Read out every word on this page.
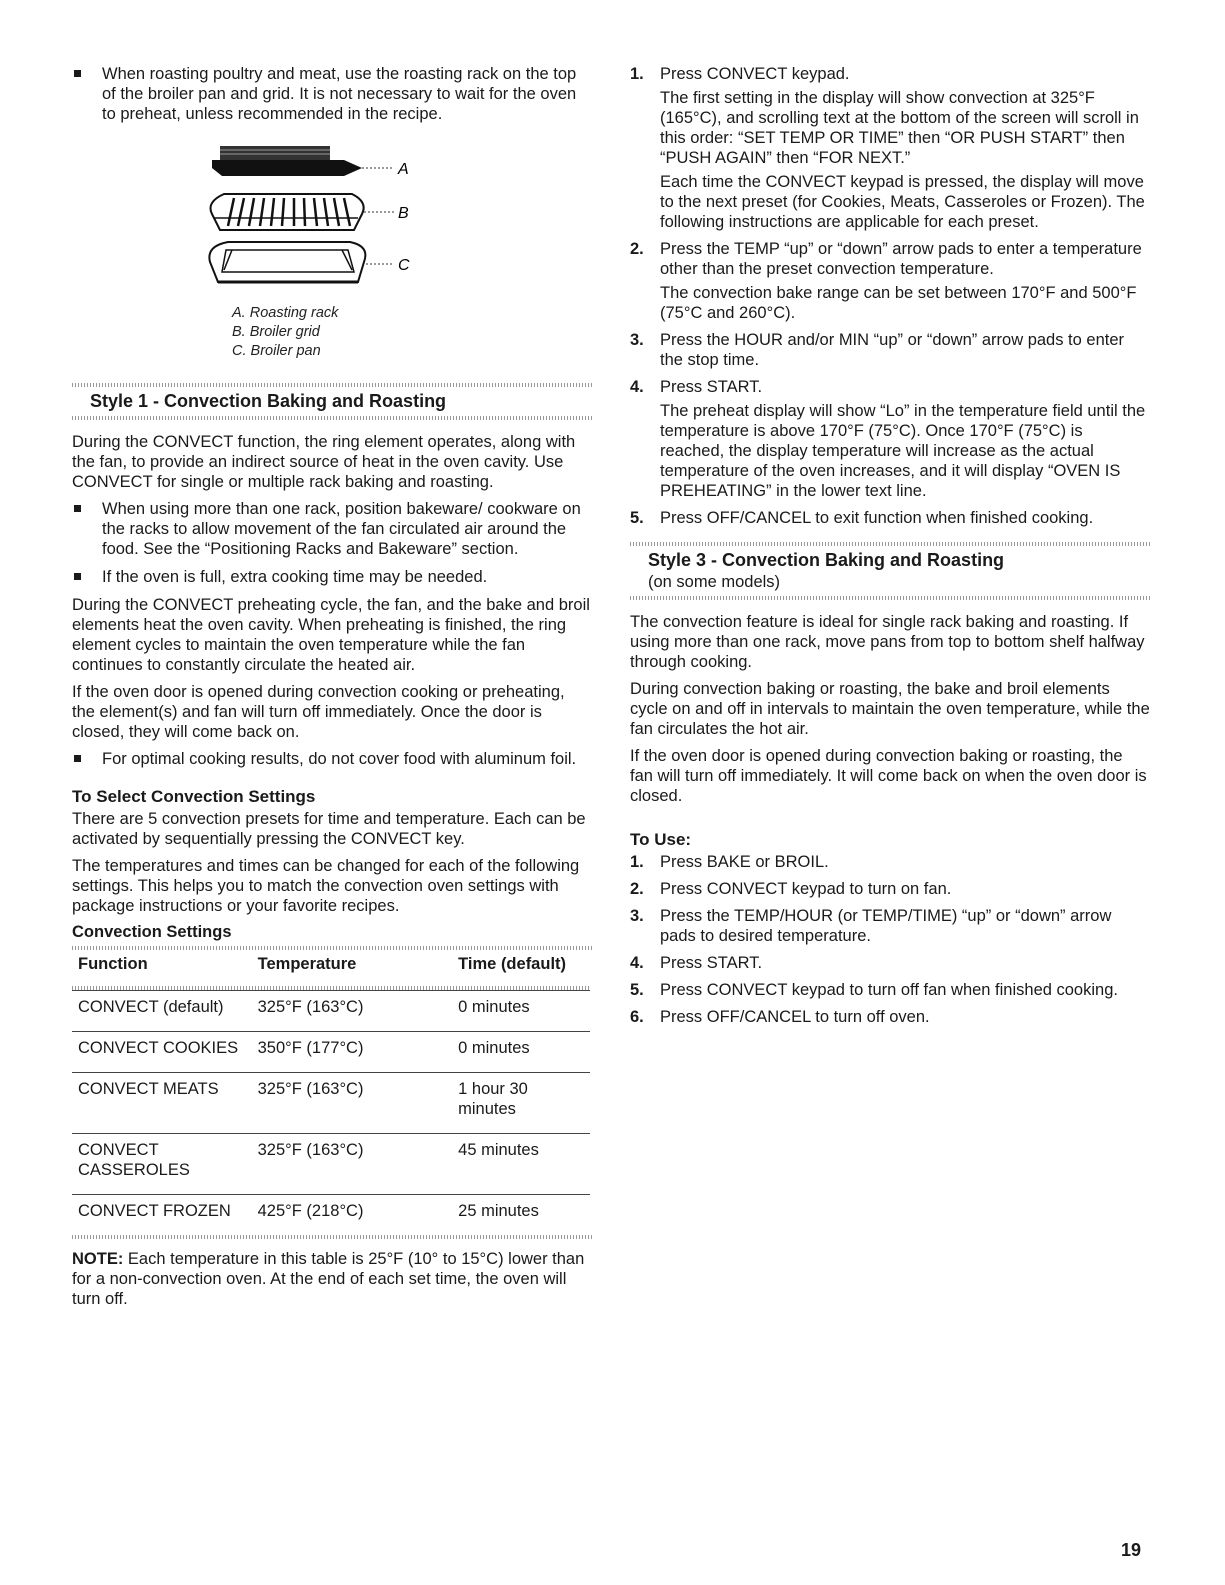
When roasting poultry and meat, use the roasting rack on the top of the broiler pan and grid. It is not necessary to wait for the oven to preheat, unless recommended in the recipe.
A
B
C
A. Roasting rack
B. Broiler grid
C. Broiler pan
Style 1 - Convection Baking and Roasting

During the CONVECT function, the ring element operates, along with the fan, to provide an indirect source of heat in the oven cavity. Use CONVECT for single or multiple rack baking and roasting.

When using more than one rack, position bakeware/ cookware on the racks to allow movement of the fan circulated air around the food. See the “Positioning Racks and Bakeware” section.
If the oven is full, extra cooking time may be needed.

During the CONVECT preheating cycle, the fan, and the bake and broil elements heat the oven cavity. When preheating is finished, the ring element cycles to maintain the oven temperature while the fan continues to constantly circulate the heated air.

If the oven door is opened during convection cooking or preheating, the element(s) and fan will turn off immediately. Once the door is closed, they will come back on.

For optimal cooking results, do not cover food with aluminum foil.
To Select Convection Settings

There are 5 convection presets for time and temperature. Each can be activated by sequentially pressing the CONVECT key.

The temperatures and times can be changed for each of the following settings. This helps you to match the convection oven settings with package instructions or your favorite recipes.

Convection Settings
Function	Temperature	Time (default)

CONVECT (default)	325°F (163°C)	0 minutes
CONVECT COOKIES	350°F (177°C)	0 minutes
CONVECT MEATS	325°F (163°C)	1 hour 30 minutes
CONVECT CASSEROLES	325°F (163°C)	45 minutes
CONVECT FROZEN	425°F (218°C)	25 minutes

NOTE: Each temperature in this table is 25°F (10° to 15°C) lower than for a non-convection oven. At the end of each set time, the oven will turn off.

1. Press CONVECT keypad.

The first setting in the display will show convection at 325°F (165°C), and scrolling text at the bottom of the screen will scroll in this order: “SET TEMP OR TIME” then “OR PUSH START” then “PUSH AGAIN” then “FOR NEXT.”

Each time the CONVECT keypad is pressed, the display will move to the next preset (for Cookies, Meats, Casseroles or Frozen). The following instructions are applicable for each preset.

2. Press the TEMP “up” or “down” arrow pads to enter a temperature other than the preset convection temperature.

The convection bake range can be set between 170°F and 500°F (75°C and 260°C).

3. Press the HOUR and/or MIN “up” or “down” arrow pads to enter the stop time.
4. Press START.

The preheat display will show “Lo” in the temperature field until the temperature is above 170°F (75°C). Once 170°F (75°C) is reached, the display temperature will increase as the actual temperature of the oven increases, and it will display “OVEN IS PREHEATING” in the lower text line.

5. Press OFF/CANCEL to exit function when finished cooking.
Style 3 - Convection Baking and Roasting
(on some models)

The convection feature is ideal for single rack baking and roasting. If using more than one rack, move pans from top to bottom shelf halfway through cooking.

During convection baking or roasting, the bake and broil elements cycle on and off in intervals to maintain the oven temperature, while the fan circulates the hot air.

If the oven door is opened during convection baking or roasting, the fan will turn off immediately. It will come back on when the oven door is closed.

To Use:
1. Press BAKE or BROIL.
2. Press CONVECT keypad to turn on fan.
3. Press the TEMP/HOUR (or TEMP/TIME) “up” or “down” arrow pads to desired temperature.
4. Press START.
5. Press CONVECT keypad to turn off fan when finished cooking.
6. Press OFF/CANCEL to turn off oven.
19
